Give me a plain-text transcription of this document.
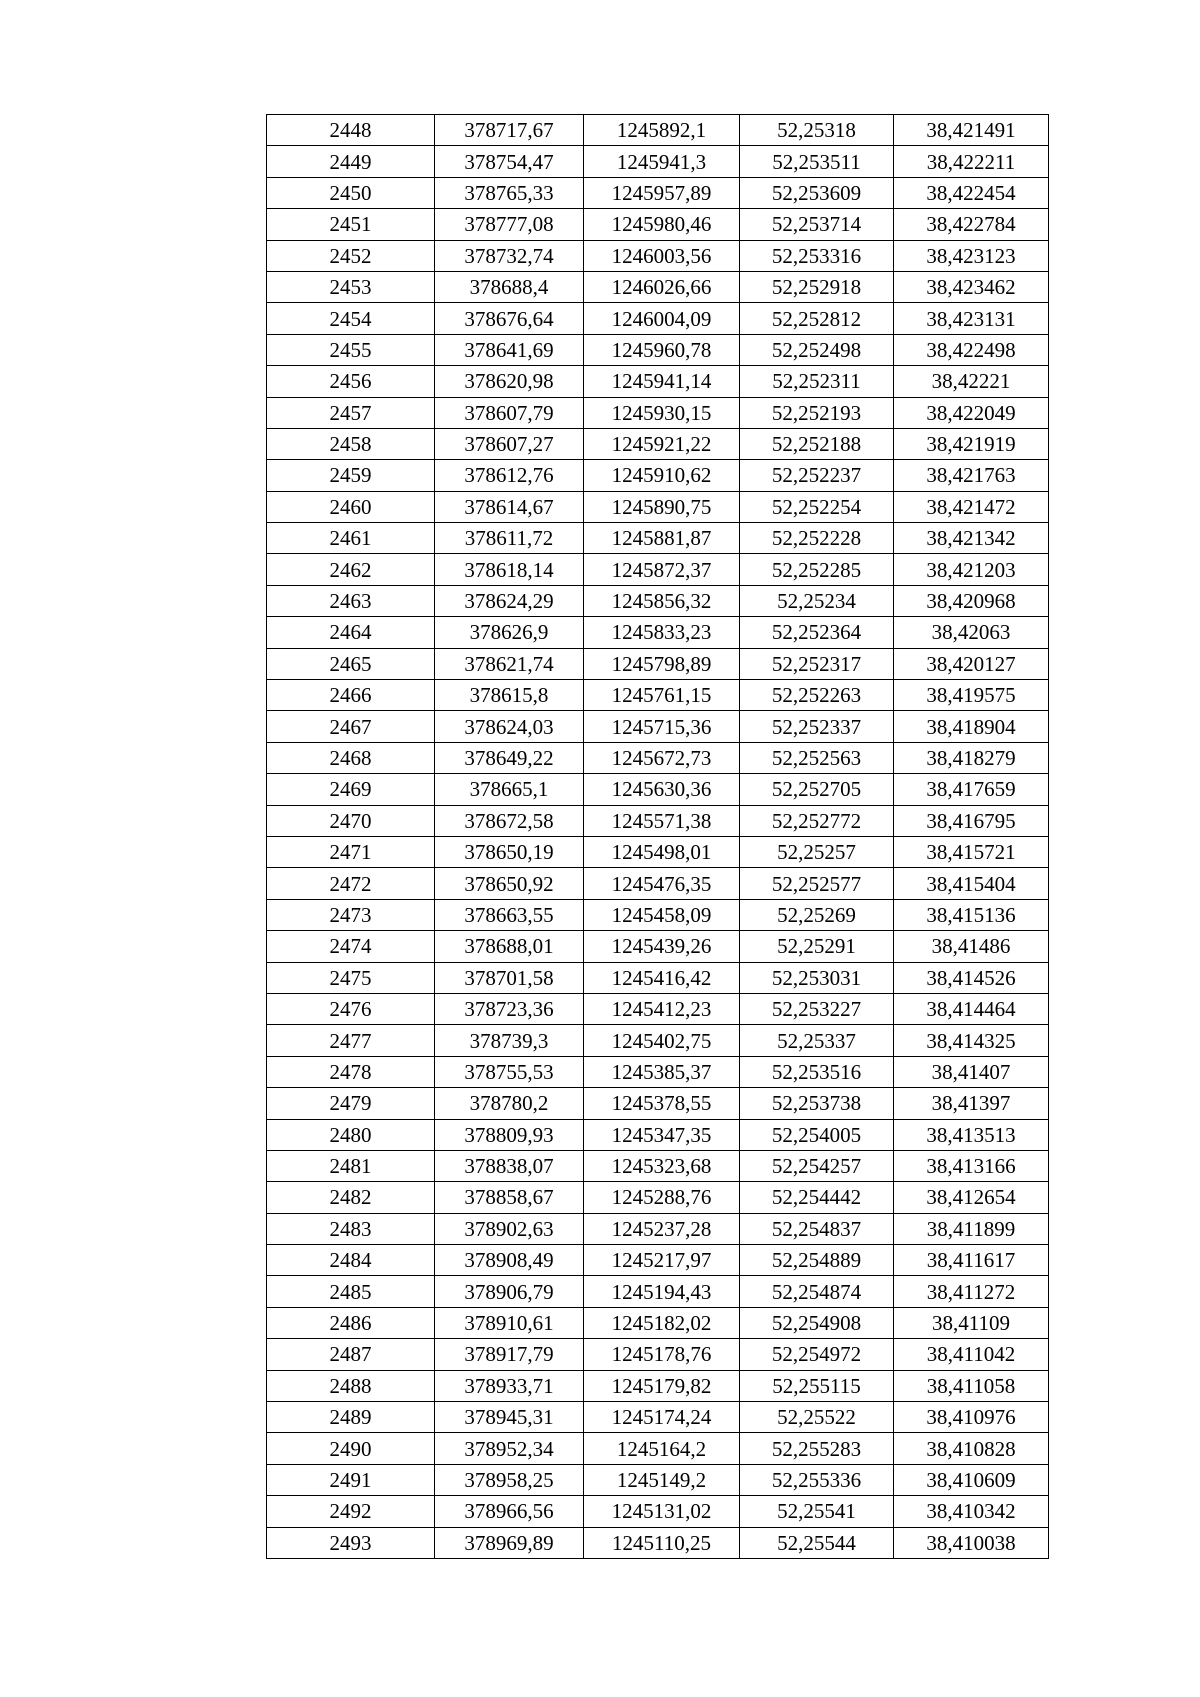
2448	378717,67	1245892,1	52,25318	38,421491
2449	378754,47	1245941,3	52,253511	38,422211
2450	378765,33	1245957,89	52,253609	38,422454
2451	378777,08	1245980,46	52,253714	38,422784
2452	378732,74	1246003,56	52,253316	38,423123
2453	378688,4	1246026,66	52,252918	38,423462
2454	378676,64	1246004,09	52,252812	38,423131
2455	378641,69	1245960,78	52,252498	38,422498
2456	378620,98	1245941,14	52,252311	38,42221
2457	378607,79	1245930,15	52,252193	38,422049
2458	378607,27	1245921,22	52,252188	38,421919
2459	378612,76	1245910,62	52,252237	38,421763
2460	378614,67	1245890,75	52,252254	38,421472
2461	378611,72	1245881,87	52,252228	38,421342
2462	378618,14	1245872,37	52,252285	38,421203
2463	378624,29	1245856,32	52,25234	38,420968
2464	378626,9	1245833,23	52,252364	38,42063
2465	378621,74	1245798,89	52,252317	38,420127
2466	378615,8	1245761,15	52,252263	38,419575
2467	378624,03	1245715,36	52,252337	38,418904
2468	378649,22	1245672,73	52,252563	38,418279
2469	378665,1	1245630,36	52,252705	38,417659
2470	378672,58	1245571,38	52,252772	38,416795
2471	378650,19	1245498,01	52,25257	38,415721
2472	378650,92	1245476,35	52,252577	38,415404
2473	378663,55	1245458,09	52,25269	38,415136
2474	378688,01	1245439,26	52,25291	38,41486
2475	378701,58	1245416,42	52,253031	38,414526
2476	378723,36	1245412,23	52,253227	38,414464
2477	378739,3	1245402,75	52,25337	38,414325
2478	378755,53	1245385,37	52,253516	38,41407
2479	378780,2	1245378,55	52,253738	38,41397
2480	378809,93	1245347,35	52,254005	38,413513
2481	378838,07	1245323,68	52,254257	38,413166
2482	378858,67	1245288,76	52,254442	38,412654
2483	378902,63	1245237,28	52,254837	38,411899
2484	378908,49	1245217,97	52,254889	38,411617
2485	378906,79	1245194,43	52,254874	38,411272
2486	378910,61	1245182,02	52,254908	38,41109
2487	378917,79	1245178,76	52,254972	38,411042
2488	378933,71	1245179,82	52,255115	38,411058
2489	378945,31	1245174,24	52,25522	38,410976
2490	378952,34	1245164,2	52,255283	38,410828
2491	378958,25	1245149,2	52,255336	38,410609
2492	378966,56	1245131,02	52,25541	38,410342
2493	378969,89	1245110,25	52,25544	38,410038
